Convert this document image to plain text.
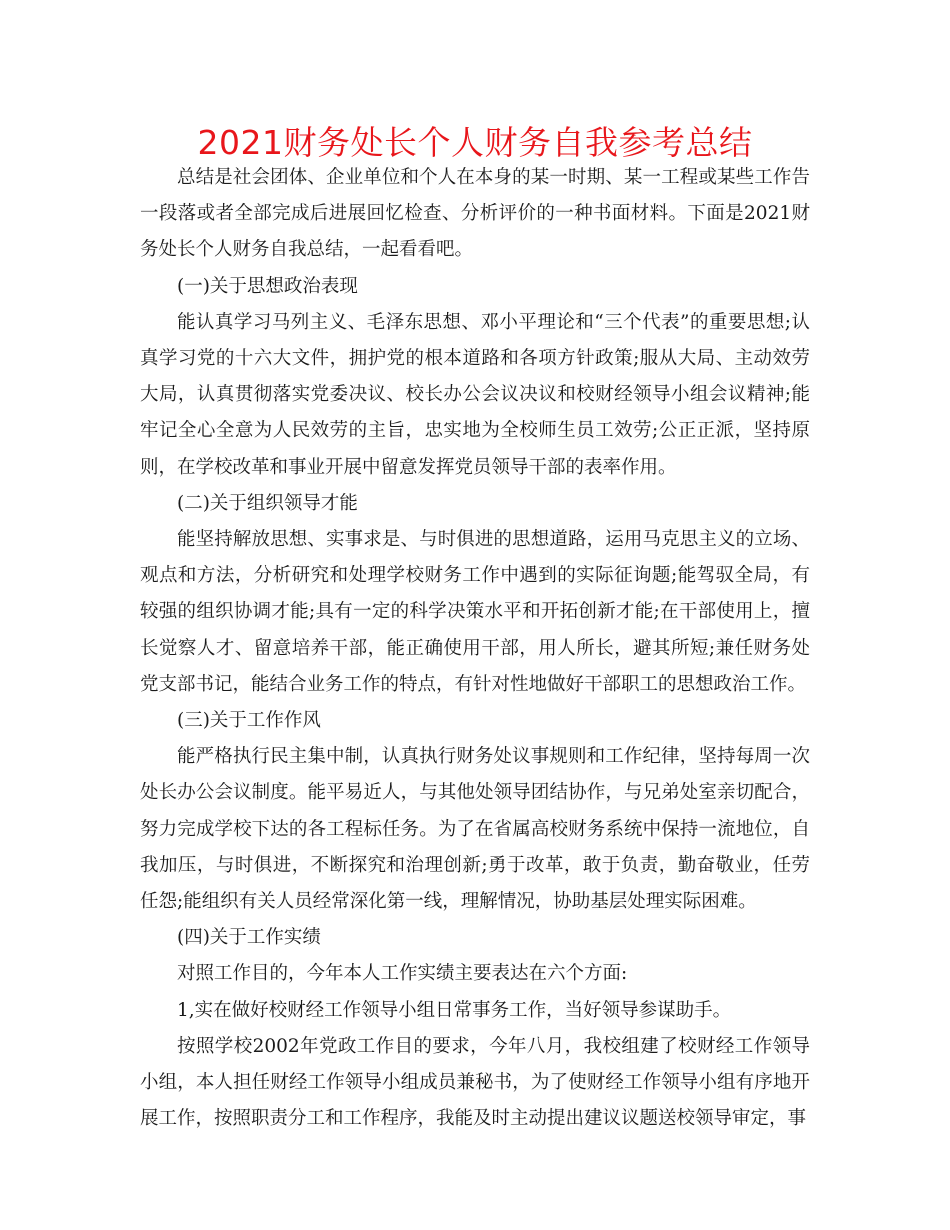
2021财务处长个人财务自我参考总结

总结是社会团体、企业单位和个人在本身的某一时期、某一工程或某些工作告一段落或者全部完成后进展回忆检查、分析评价的一种书面材料。下面是2021财务处长个人财务自我总结，一起看看吧。

(一)关于思想政治表现

能认真学习马列主义、毛泽东思想、邓小平理论和“三个代表”的重要思想;认真学习党的十六大文件，拥护党的根本道路和各项方针政策;服从大局、主动效劳大局，认真贯彻落实党委决议、校长办公会议决议和校财经领导小组会议精神;能牢记全心全意为人民效劳的主旨，忠实地为全校师生员工效劳;公正正派，坚持原则，在学校改革和事业开展中留意发挥党员领导干部的表率作用。

(二)关于组织领导才能

能坚持解放思想、实事求是、与时俱进的思想道路，运用马克思主义的立场、观点和方法，分析研究和处理学校财务工作中遇到的实际征询题;能驾驭全局，有较强的组织协调才能;具有一定的科学决策水平和开拓创新才能;在干部使用上，擅长觉察人才、留意培养干部，能正确使用干部，用人所长，避其所短;兼任财务处党支部书记，能结合业务工作的特点，有针对性地做好干部职工的思想政治工作。

(三)关于工作作风

能严格执行民主集中制，认真执行财务处议事规则和工作纪律，坚持每周一次处长办公会议制度。能平易近人，与其他处领导团结协作，与兄弟处室亲切配合，努力完成学校下达的各工程标任务。为了在省属高校财务系统中保持一流地位，自我加压，与时俱进，不断探究和治理创新;勇于改革，敢于负责，勤奋敬业，任劳任怨;能组织有关人员经常深化第一线，理解情况，协助基层处理实际困难。

(四)关于工作实绩

对照工作目的，今年本人工作实绩主要表达在六个方面:

1,实在做好校财经工作领导小组日常事务工作，当好领导参谋助手。

按照学校2002年党政工作目的要求，今年八月，我校组建了校财经工作领导小组，本人担任财经工作领导小组成员兼秘书，为了使财经工作领导小组有序地开展工作，按照职责分工和工作程序，我能及时主动提出建议议题送校领导审定，事
